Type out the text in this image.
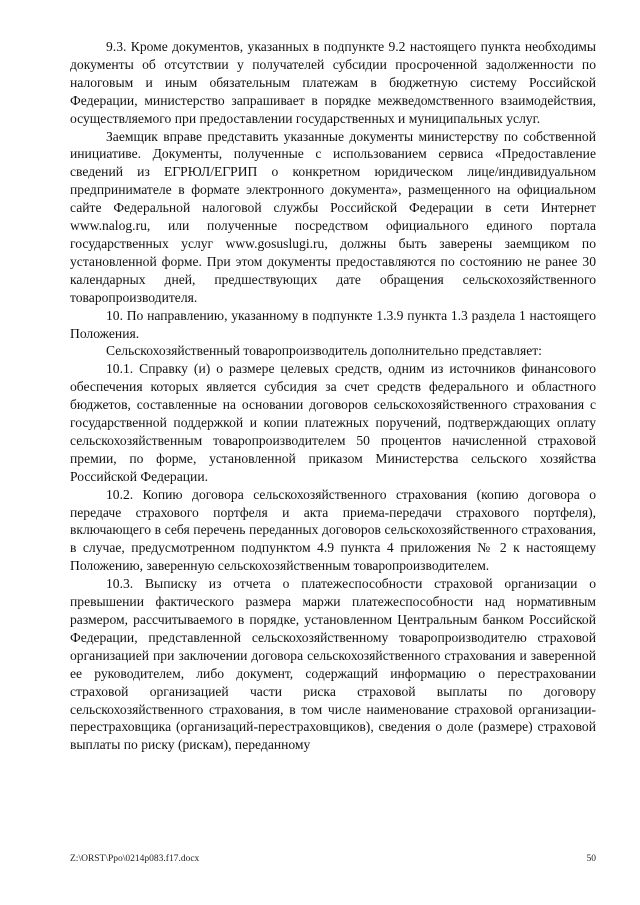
9.3. Кроме документов, указанных в подпункте 9.2 настоящего пункта необходимы документы об отсутствии у получателей субсидии просроченной задолженности по налоговым и иным обязательным платежам в бюджетную систему Российской Федерации, министерство запрашивает в порядке межведомственного взаимодействия, осуществляемого при предоставлении государственных и муниципальных услуг.

Заемщик вправе представить указанные документы министерству по собственной инициативе. Документы, полученные с использованием сервиса «Предоставление сведений из ЕГРЮЛ/ЕГРИП о конкретном юридическом лице/индивидуальном предпринимателе в формате электронного документа», размещенного на официальном сайте Федеральной налоговой службы Российской Федерации в сети Интернет www.nalog.ru, или полученные посредством официального единого портала государственных услуг www.gosuslugi.ru, должны быть заверены заемщиком по установленной форме. При этом документы предоставляются по состоянию не ранее 30 календарных дней, предшествующих дате обращения сельскохозяйственного товаропроизводителя.

10. По направлению, указанному в подпункте 1.3.9 пункта 1.3 раздела 1 настоящего Положения.

Сельскохозяйственный товаропроизводитель дополнительно представляет:

10.1. Справку (и) о размере целевых средств, одним из источников финансового обеспечения которых является субсидия за счет средств федерального и областного бюджетов, составленные на основании договоров сельскохозяйственного страхования с государственной поддержкой и копии платежных поручений, подтверждающих оплату сельскохозяйственным товаропроизводителем 50 процентов начисленной страховой премии, по форме, установленной приказом Министерства сельского хозяйства Российской Федерации.

10.2. Копию договора сельскохозяйственного страхования (копию договора о передаче страхового портфеля и акта приема-передачи страхового портфеля), включающего в себя перечень переданных договоров сельскохозяйственного страхования, в случае, предусмотренном подпунктом 4.9 пункта 4 приложения № 2 к настоящему Положению, заверенную сельскохозяйственным товаропроизводителем.

10.3. Выписку из отчета о платежеспособности страховой организации о превышении фактического размера маржи платежеспособности над нормативным размером, рассчитываемого в порядке, установленном Центральным банком Российской Федерации, представленной сельскохозяйственному товаропроизводителю страховой организацией при заключении договора сельскохозяйственного страхования и заверенной ее руководителем, либо документ, содержащий информацию о перестраховании страховой организацией части риска страховой выплаты по договору сельскохозяйственного страхования, в том числе наименование страховой организации-перестраховщика (организаций-перестраховщиков), сведения о доле (размере) страховой выплаты по риску (рискам), переданному

Z:\ORST\Ppo\0214p083.f17.docx	50
